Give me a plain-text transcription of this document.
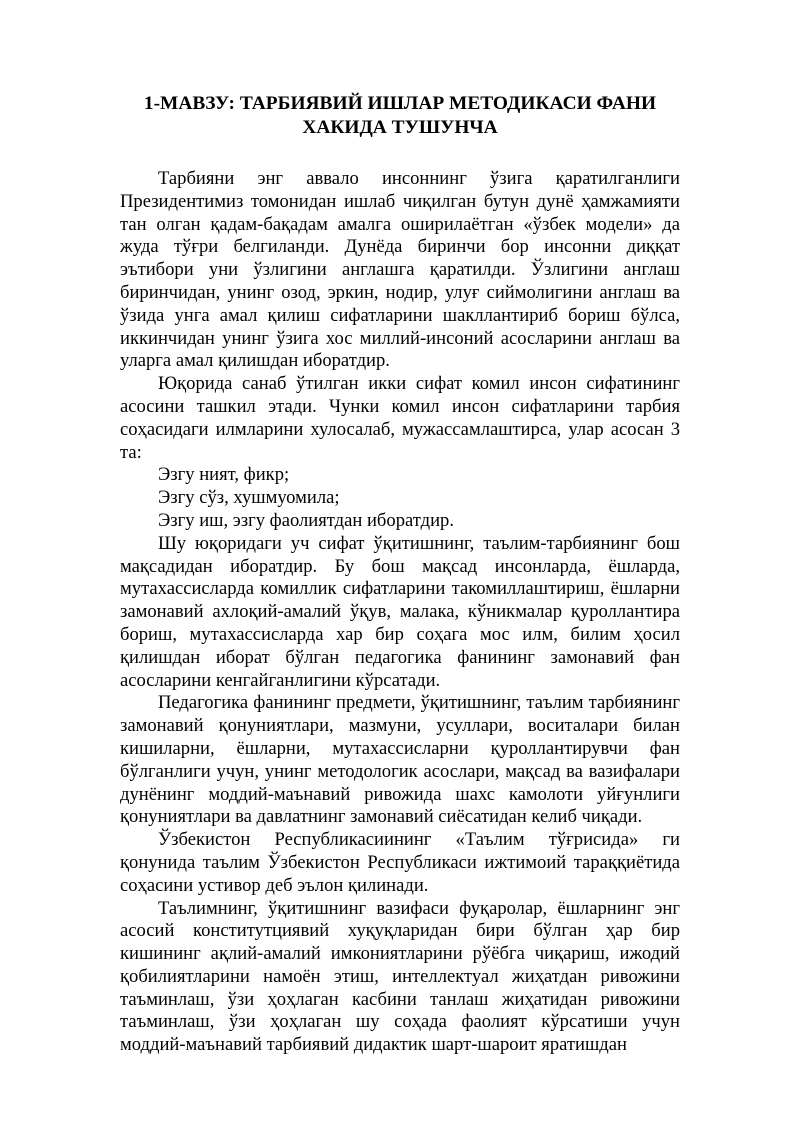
1-МАВЗУ: ТАРБИЯВИЙ ИШЛАР МЕТОДИКАСИ ФАНИ
ХАКИДА ТУШУНЧА

Тарбияни энг аввало инсоннинг ўзига қаратилганлиги Президентимиз томонидан ишлаб чиқилган бутун дунё ҳамжамияти тан олган қадам-бақадам амалга оширилаётган «ўзбек модели» да жуда тўғри белгиланди. Дунёда биринчи бор инсонни диққат эътибори уни ўзлигини англашга қаратилди. Ўзлигини англаш биринчидан, унинг озод, эркин, нодир, улуғ сиймолигини англаш ва ўзида унга амал қилиш сифатларини шакллантириб бориш бўлса, иккинчидан унинг ўзига хос миллий-инсоний асосларини англаш ва уларга амал қилишдан иборатдир.

Юқорида санаб ўтилган икки сифат комил инсон сифатининг асосини ташкил этади. Чунки комил инсон сифатларини тарбия соҳасидаги илмларини хулосалаб, мужассамлаштирса, улар асосан 3 та:

Эзгу ният, фикр;

Эзгу сўз, хушмуомила;

Эзгу иш, эзгу фаолиятдан иборатдир.

Шу юқоридаги уч сифат ўқитишнинг, таълим-тарбиянинг бош мақсадидан иборатдир. Бу бош мақсад инсонларда, ёшларда, мутахассисларда комиллик сифатларини такомиллаштириш, ёшларни замонавий ахлоқий-амалий ўқув, малака, кўникмалар қуроллантира бориш, мутахассисларда хар бир соҳага мос илм, билим ҳосил қилишдан иборат бўлган педагогика фанининг замонавий фан асосларини кенгайганлигини кўрсатади.

Педагогика фанининг предмети, ўқитишнинг, таълим тарбиянинг замонавий қонуниятлари, мазмуни, усуллари, воситалари билан кишиларни, ёшларни, мутахассисларни қуроллантирувчи фан бўлганлиги учун, унинг методологик асослари, мақсад ва вазифалари дунёнинг моддий-маънавий ривожида шахс камолоти уйғунлиги қонуниятлари ва давлатнинг замонавий сиёсатидан келиб чиқади.

Ўзбекистон Республикасиининг «Таълим тўғрисида» ги қонунида таълим Ўзбекистон Республикаси ижтимоий тараққиётида соҳасини устивор деб эълон қилинади.

Таълимнинг, ўқитишнинг вазифаси фуқаролар, ёшларнинг энг асосий конститутциявий хуқуқларидан бири бўлган ҳар бир кишининг ақлий-амалий имкониятларини рўёбга чиқариш, ижодий қобилиятларини намоён этиш, интеллектуал жиҳатдан ривожини таъминлаш, ўзи ҳоҳлаган касбини танлаш жиҳатидан ривожини таъминлаш, ўзи ҳоҳлаган шу соҳада фаолият кўрсатиши учун моддий-маънавий тарбиявий дидактик шарт-шароит яратишдан
